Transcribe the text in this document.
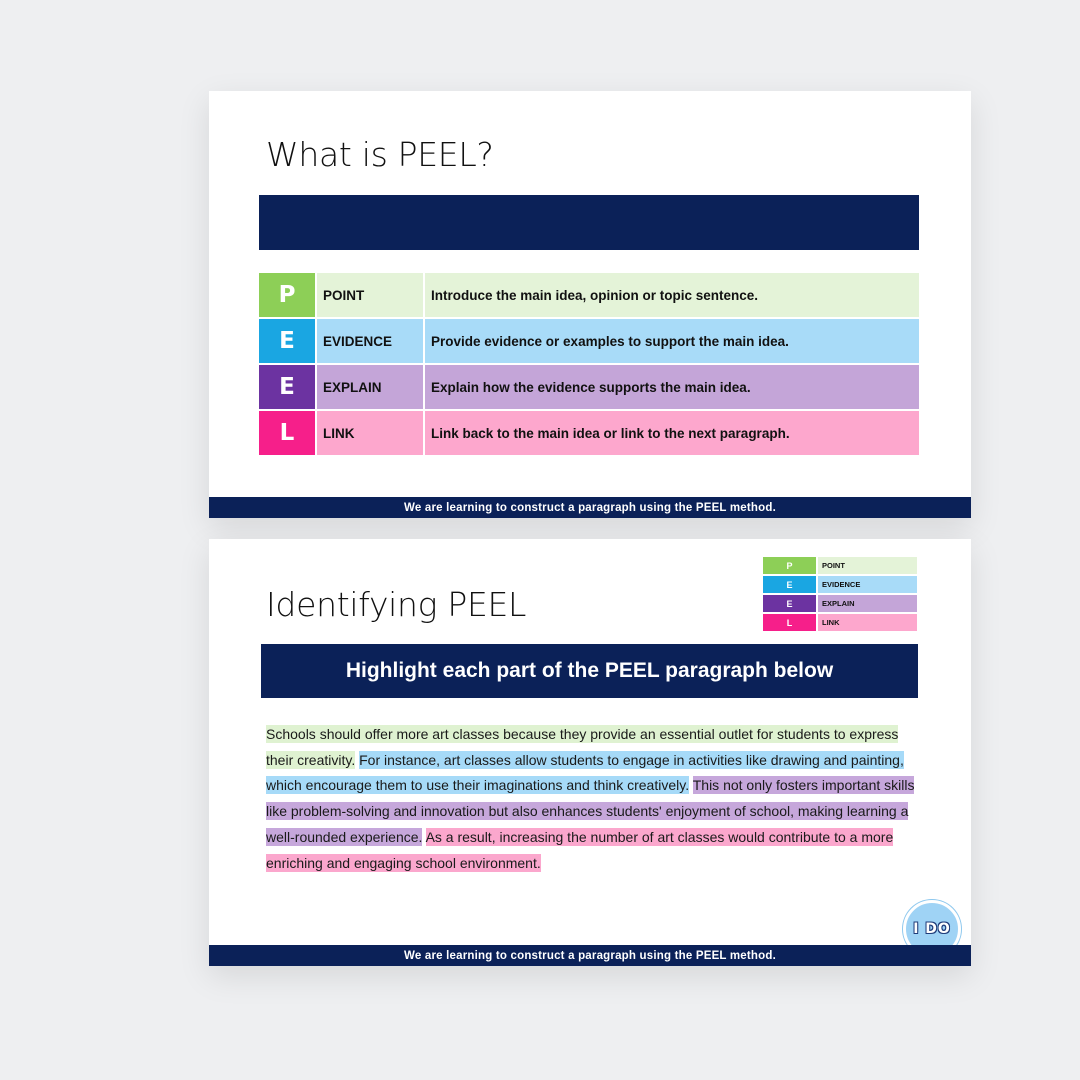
What is PEEL?
P	POINT	Introduce the main idea, opinion or topic sentence.
E	EVIDENCE	Provide evidence or examples to support the main idea.
E	EXPLAIN	Explain how the evidence supports the main idea.
L	LINK	Link back to the main idea or link to the next paragraph.
We are learning to construct a paragraph using the PEEL method.
Identifying PEEL
P	POINT
E	EVIDENCE
E	EXPLAIN
L	LINK
Highlight each part of the PEEL paragraph below
Schools should offer more art classes because they provide an essential outlet for students to express their creativity. For instance, art classes allow students to engage in activities like drawing and painting, which encourage them to use their imaginations and think creatively. This not only fosters important skills like problem-solving and innovation but also enhances students' enjoyment of school, making learning a well-rounded experience. As a result, increasing the number of art classes would contribute to a more enriching and engaging school environment.
I DO
We are learning to construct a paragraph using the PEEL method.
